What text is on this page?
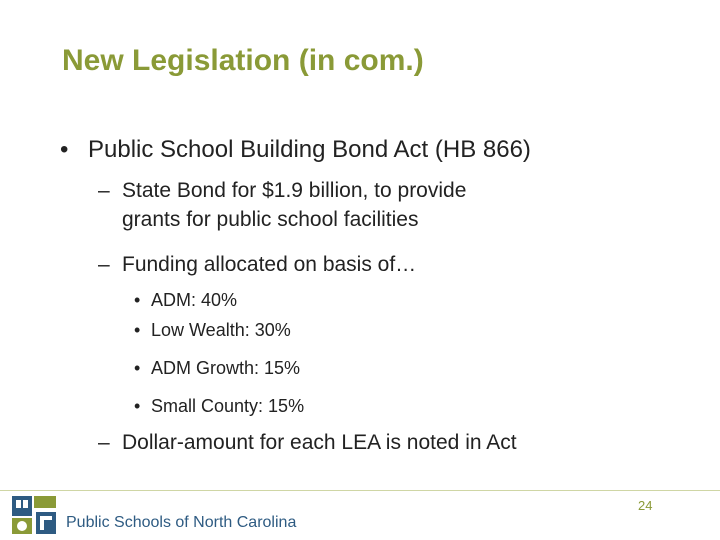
New Legislation (in com.)
• Public School Building Bond Act (HB 866)
– State Bond for $1.9 billion, to provide
grants for public school facilities
– Funding allocated on basis of…
• ADM: 40%
• Low Wealth: 30%
• ADM Growth: 15%
• Small County: 15%
– Dollar-amount for each LEA is noted in Act
Public Schools of North Carolina
24
